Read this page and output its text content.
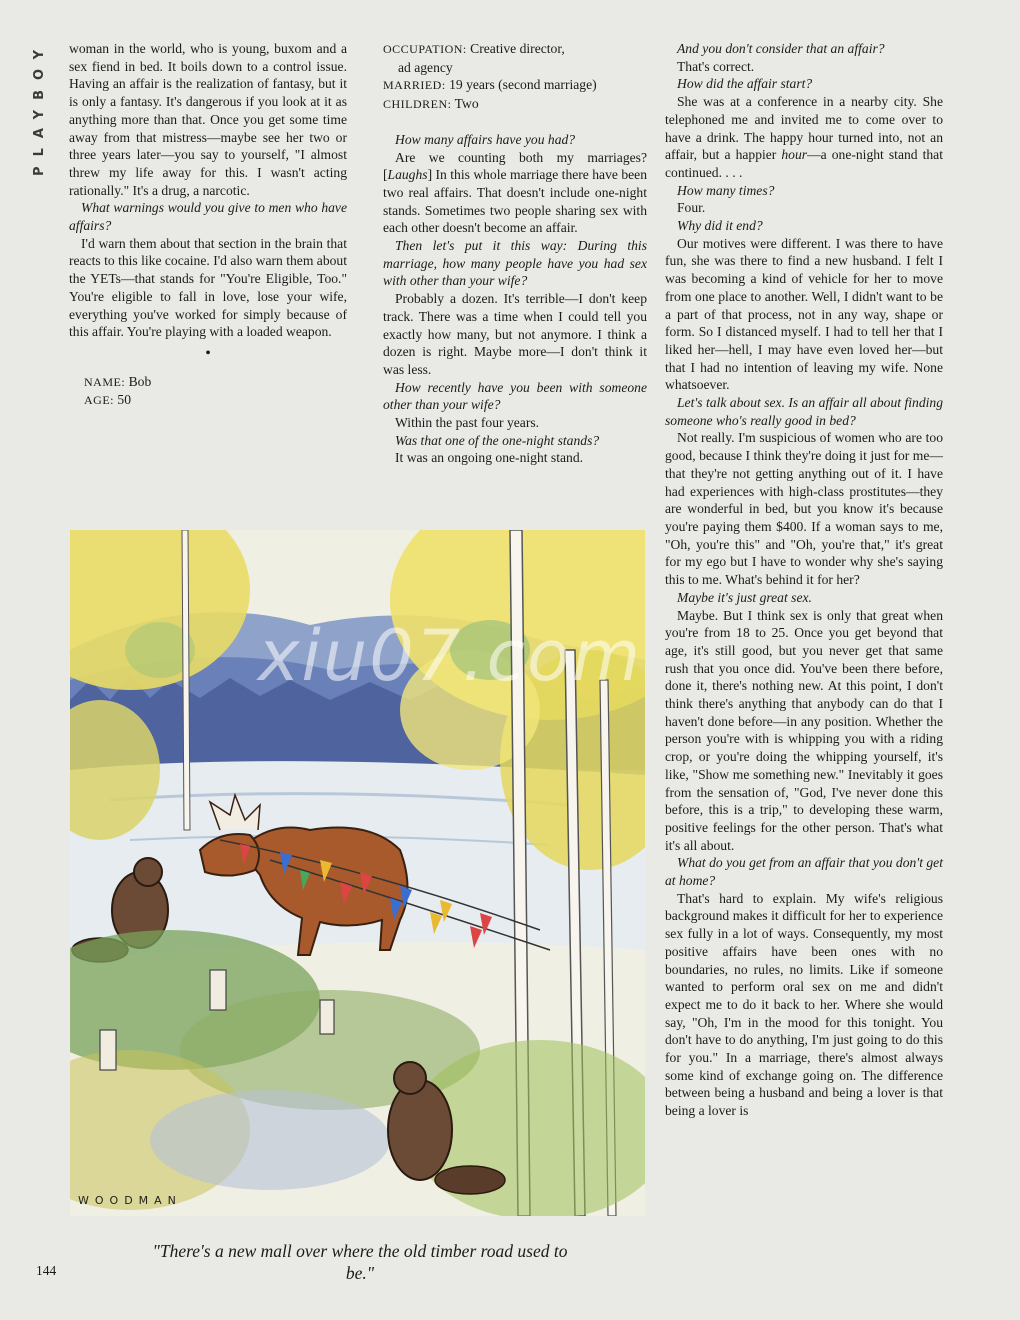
PLAYBOY	woman in the world, who is young, buxom and a sex fiend in bed. It boils down to a control issue. Having an affair is the realization of fantasy, but it is only a fantasy. It's dangerous if you look at it as anything more than that. Once you get some time away from that mistress—maybe see her two or three years later—you say to yourself, "I almost threw my life away for this. I wasn't acting rationally." It's a drug, a narcotic.

What warnings would you give to men who have affairs?

I'd warn them about that section in the brain that reacts to this like cocaine. I'd also warn them about the YETs—that stands for "You're Eligible, Too." You're eligible to fall in love, lose your wife, everything you've worked for simply because of this affair. You're playing with a loaded weapon.

•
NAME: Bob
AGE: 50
OCCUPATION: Creative director,
ad agency
MARRIED: 19 years (second marriage)
CHILDREN: Two

How many affairs have you had?

Are we counting both my marriages? [Laughs] In this whole marriage there have been two real affairs. That doesn't include one-night stands. Sometimes two people sharing sex with each other doesn't become an affair.

Then let's put it this way: During this marriage, how many people have you had sex with other than your wife?

Probably a dozen. It's terrible—I don't keep track. There was a time when I could tell you exactly how many, but not anymore. I think a dozen is right. Maybe more—I don't think it was less.

How recently have you been with someone other than your wife?

Within the past four years.

Was that one of the one-night stands?

It was an ongoing one-night stand.

And you don't consider that an affair?

That's correct.

How did the affair start?

She was at a conference in a nearby city. She telephoned me and invited me to come over to have a drink. The happy hour turned into, not an affair, but a happier hour—a one-night stand that continued. . . .

How many times?

Four.

Why did it end?

Our motives were different. I was there to have fun, she was there to find a new husband. I felt I was becoming a kind of vehicle for her to move from one place to another. Well, I didn't want to be a part of that process, not in any way, shape or form. So I distanced myself. I had to tell her that I liked her—hell, I may have even loved her—but that I had no intention of leaving my wife. None whatsoever.

Let's talk about sex. Is an affair all about finding someone who's really good in bed?

Not really. I'm suspicious of women who are too good, because I think they're doing it just for me—that they're not getting anything out of it. I have had experiences with high-class prostitutes—they are wonderful in bed, but you know it's because you're paying them $400. If a woman says to me, "Oh, you're this" and "Oh, you're that," it's great for my ego but I have to wonder why she's saying this to me. What's behind it for her?

Maybe it's just great sex.

Maybe. But I think sex is only that great when you're from 18 to 25. Once you get beyond that age, it's still good, but you never get that same rush that you once did. You've been there before, done it, there's nothing new. At this point, I don't think there's anything that anybody can do that I haven't done before—in any position. Whether the person you're with is whipping you with a riding crop, or you're doing the whipping yourself, it's like, "Show me something new." Inevitably it goes from the sensation of, "God, I've never done this before, this is a trip," to developing these warm, positive feelings for the other person. That's what it's all about.

What do you get from an affair that you don't get at home?

That's hard to explain. My wife's religious background makes it difficult for her to experience sex fully in a lot of ways. Consequently, my most positive affairs have been ones with no boundaries, no rules, no limits. Like if someone wanted to perform oral sex on me and didn't expect me to do it back to her. Where she would say, "Oh, I'm in the mood for this tonight. You don't have to do anything, I'm just going to do this for you." In a marriage, there's almost always some kind of exchange going on. The difference between being a husband and being a lover is that being a lover is

WOODMAN
"There's a new mall over where the old timber road used to be."
xiu07.com
144
